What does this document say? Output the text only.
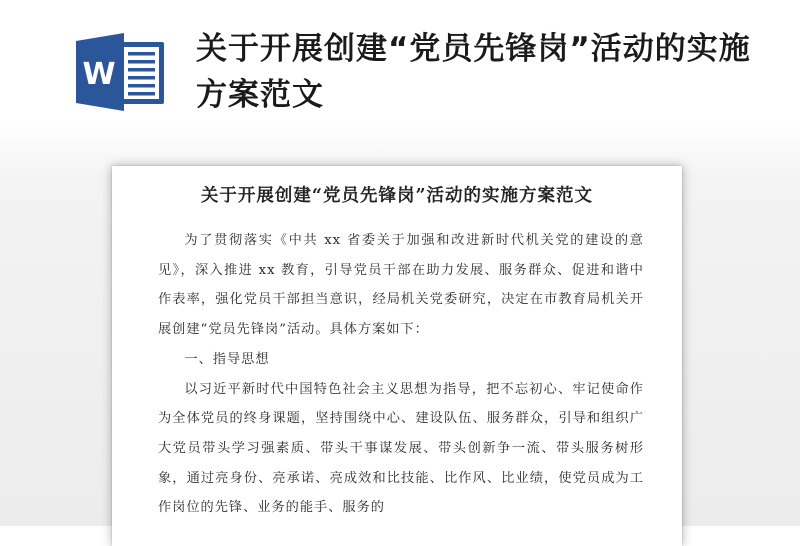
W
关于开展创建“党员先锋岗”活动的实施方案范文
关于开展创建“党员先锋岗”活动的实施方案范文

为了贯彻落实《中共 xx 省委关于加强和改进新时代机关党的建设的意见》，深入推进 xx 教育，引导党员干部在助力发展、服务群众、促进和谐中作表率，强化党员干部担当意识，经局机关党委研究，决定在市教育局机关开展创建“党员先锋岗”活动。具体方案如下：

一、指导思想

以习近平新时代中国特色社会主义思想为指导，把不忘初心、牢记使命作为全体党员的终身课题，坚持围绕中心、建设队伍、服务群众，引导和组织广大党员带头学习强素质、带头干事谋发展、带头创新争一流、带头服务树形象，通过亮身份、亮承诺、亮成效和比技能、比作风、比业绩，使党员成为工作岗位的先锋、业务的能手、服务的
